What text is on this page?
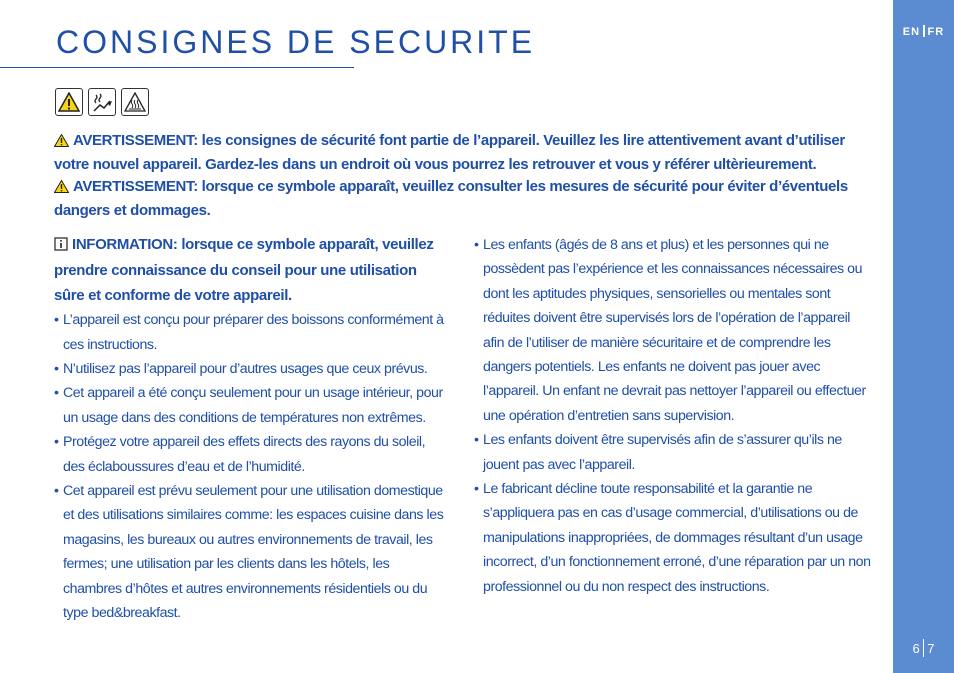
CONSIGNES DE SECURITE
AVERTISSEMENT: les consignes de sécurité font partie de l’appareil. Veuillez les lire attentivement avant d’utiliser votre nouvel appareil. Gardez-les dans un endroit où vous pourrez les retrouver et vous y référer ultèrieurement.
AVERTISSEMENT: lorsque ce symbole apparaît, veuillez consulter les mesures de sécurité pour éviter d’éventuels dangers et dommages.
INFORMATION: lorsque ce symbole apparaît, veuillez prendre connaissance du conseil pour une utilisation sûre et conforme de votre appareil.
• L’appareil est conçu pour préparer des boissons conformément à ces instructions.
• N’utilisez pas l’appareil pour d’autres usages que ceux prévus.
• Cet appareil a été conçu seulement pour un usage intérieur, pour un usage dans des conditions de températures non extrêmes.
• Protégez votre appareil des effets directs des rayons du soleil, des éclaboussures d’eau et de l’humidité.
• Cet appareil est prévu seulement pour une utilisation domestique et des utilisations similaires comme: les espaces cuisine dans les magasins, les bureaux ou autres environnements de travail, les fermes; une utilisation par les clients dans les hôtels, les chambres d’hôtes et autres environnements résidentiels ou du type bed&breakfast.
• Les enfants (âgés de 8 ans et plus) et les personnes qui ne possèdent pas l’expérience et les connaissances nécessaires ou dont les aptitudes physiques, sensorielles ou mentales sont réduites doivent être supervisés lors de l’opération de l’appareil afin de l’utiliser de manière sécuritaire et de comprendre les dangers potentiels. Les enfants ne doivent pas jouer avec l’appareil. Un enfant ne devrait pas nettoyer l’appareil ou effectuer une opération d’entretien sans supervision.
• Les enfants doivent être supervisés afin de s’assurer qu’ils ne jouent pas avec l’appareil.
• Le fabricant décline toute responsabilité et la garantie ne s’appliquera pas en cas d’usage commercial, d’utilisations ou de manipulations inappropriées, de dommages résultant d’un usage incorrect, d’un fonctionnement erroné, d’une réparation par un non professionnel ou du non respect des instructions.
EN FR
6 7
